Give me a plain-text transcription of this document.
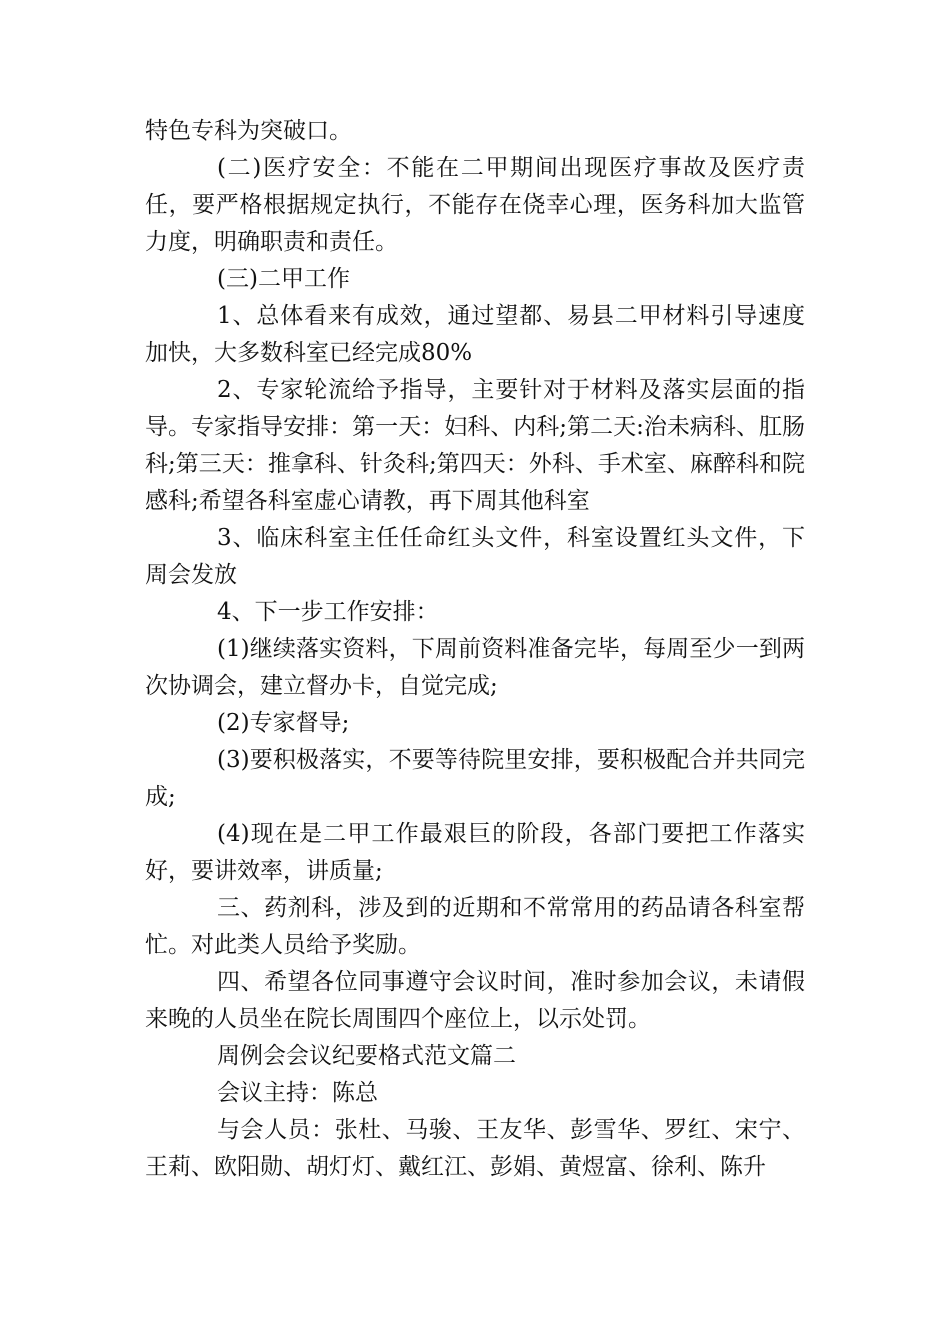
特色专科为突破口。

(二)医疗安全：不能在二甲期间出现医疗事故及医疗责任，要严格根据规定执行，不能存在侥幸心理，医务科加大监管力度，明确职责和责任。

(三)二甲工作

1、总体看来有成效，通过望都、易县二甲材料引导速度加快，大多数科室已经完成80%

2、专家轮流给予指导，主要针对于材料及落实层面的指导。专家指导安排：第一天：妇科、内科;第二天:治未病科、肛肠科;第三天：推拿科、针灸科;第四天：外科、手术室、麻醉科和院感科;希望各科室虚心请教，再下周其他科室

3、临床科室主任任命红头文件，科室设置红头文件，下周会发放

4、下一步工作安排：

(1)继续落实资料，下周前资料准备完毕，每周至少一到两次协调会，建立督办卡，自觉完成;

(2)专家督导;

(3)要积极落实，不要等待院里安排，要积极配合并共同完成;

(4)现在是二甲工作最艰巨的阶段，各部门要把工作落实好，要讲效率，讲质量;

三、药剂科，涉及到的近期和不常常用的药品请各科室帮忙。对此类人员给予奖励。

四、希望各位同事遵守会议时间，准时参加会议，未请假来晚的人员坐在院长周围四个座位上，以示处罚。

周例会会议纪要格式范文篇二

会议主持：陈总

与会人员：张杜、马骏、王友华、彭雪华、罗红、宋宁、王莉、欧阳勋、胡灯灯、戴红江、彭娟、黄煜富、徐利、陈升
